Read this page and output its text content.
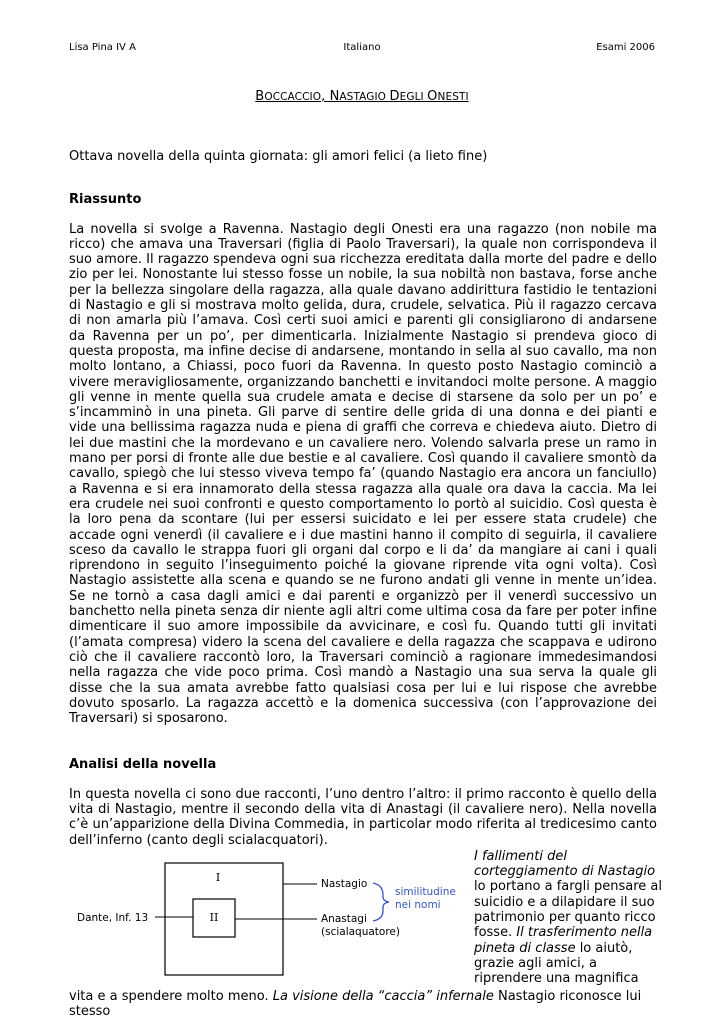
Lisa Pina IV A	Italiano	Esami 2006
BOCCACCIO, NASTAGIO DEGLI ONESTI

Ottava novella della quinta giornata: gli amori felici (a lieto fine)

Riassunto

La novella si svolge a Ravenna. Nastagio degli Onesti era una ragazzo (non nobile ma ricco) che amava una Traversari (figlia di Paolo Traversari), la quale non corrispondeva il suo amore. Il ragazzo spendeva ogni sua ricchezza ereditata dalla morte del padre e dello zio per lei. Nonostante lui stesso fosse un nobile, la sua nobiltà non bastava, forse anche per la bellezza singolare della ragazza, alla quale davano addirittura fastidio le tentazioni di Nastagio e gli si mostrava molto gelida, dura, crudele, selvatica. Più il ragazzo cercava di non amarla più l’amava. Così certi suoi amici e parenti gli consigliarono di andarsene da Ravenna per un po’, per dimenticarla. Inizialmente Nastagio si prendeva gioco di questa proposta, ma infine decise di andarsene, montando in sella al suo cavallo, ma non molto lontano, a Chiassi, poco fuori da Ravenna. In questo posto Nastagio cominciò a vivere meravigliosamente, organizzando banchetti e invitandoci molte persone. A maggio gli venne in mente quella sua crudele amata e decise di starsene da solo per un po’ e s’incamminò in una pineta. Gli parve di sentire delle grida di una donna e dei pianti e vide una bellissima ragazza nuda e piena di graffi che correva e chiedeva aiuto. Dietro di lei due mastini che la mordevano e un cavaliere nero. Volendo salvarla prese un ramo in mano per porsi di fronte alle due bestie e al cavaliere. Così quando il cavaliere smontò da cavallo, spiegò che lui stesso viveva tempo fa’ (quando Nastagio era ancora un fanciullo) a Ravenna e si era innamorato della stessa ragazza alla quale ora dava la caccia. Ma lei era crudele nei suoi confronti e questo comportamento lo portò al suicidio. Così questa è la loro pena da scontare (lui per essersi suicidato e lei per essere stata crudele) che accade ogni venerdì (il cavaliere e i due mastini hanno il compito di seguirla, il cavaliere sceso da cavallo le strappa fuori gli organi dal corpo e li da’ da mangiare ai cani i quali riprendono in seguito l’inseguimento poiché la giovane riprende vita ogni volta). Così Nastagio assistette alla scena e quando se ne furono andati gli venne in mente un’idea. Se ne tornò a casa dagli amici e dai parenti e organizzò per il venerdì successivo un banchetto nella pineta senza dir niente agli altri come ultima cosa da fare per poter infine dimenticare il suo amore impossibile da avvicinare, e così fu. Quando tutti gli invitati (l’amata compresa) videro la scena del cavaliere e della ragazza che scappava e udirono ciò che il cavaliere raccontò loro, la Traversari cominciò a ragionare immedesimandosi nella ragazza che vide poco prima. Così mandò a Nastagio una sua serva la quale gli disse che la sua amata avrebbe fatto qualsiasi cosa per lui e lui rispose che avrebbe dovuto sposarlo. La ragazza accettò e la domenica successiva (con l’approvazione dei Traversari) si sposarono.

Analisi della novella

In questa novella ci sono due racconti, l’uno dentro l’altro: il primo racconto è quello della vita di Nastagio, mentre il secondo della vita di Anastagi (il cavaliere nero). Nella novella c’è un’apparizione della Divina Commedia, in particolar modo riferita al tredicesimo canto dell’inferno (canto degli scialacquatori).

I
II
Dante, Inf. 13
Nastagio
Anastagi
(scialaquatore)
similitudine
nei nomi
I fallimenti del corteggiamento di Nastagio lo portano a fargli pensare al suicidio e a dilapidare il suo patrimonio per quanto ricco fosse. Il trasferimento nella pineta di classe lo aiutò, grazie agli amici, a riprendere una magnifica

vita e a spendere molto meno. La visione della “caccia” infernale Nastagio riconosce lui stesso
